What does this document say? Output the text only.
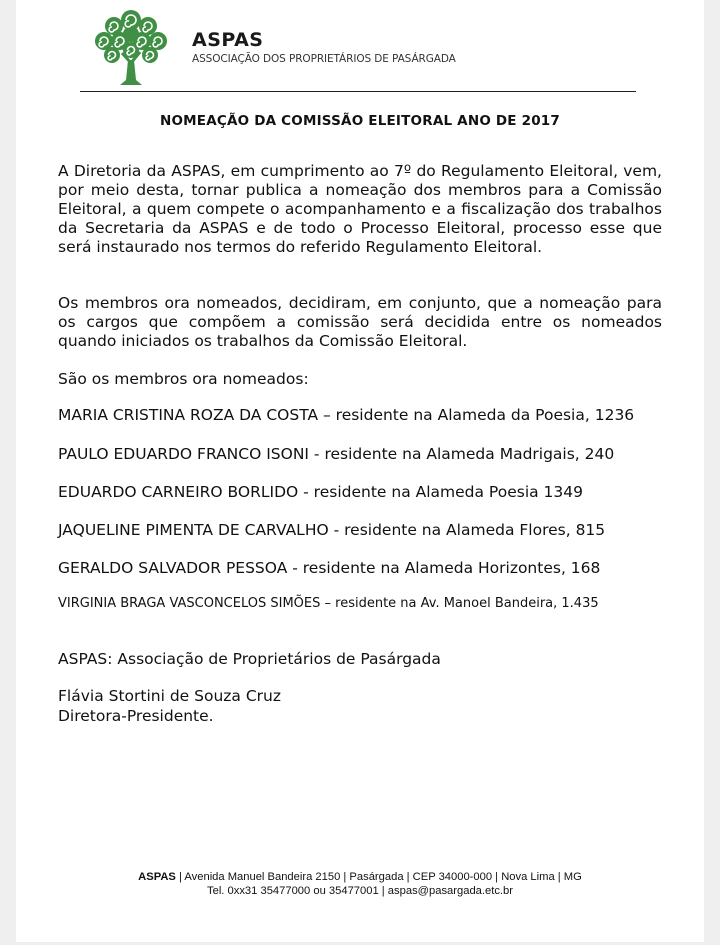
ASPAS
ASSOCIAÇÃO DOS PROPRIETÁRIOS DE PASÁRGADA
NOMEAÇÃO DA COMISSÃO ELEITORAL ANO DE 2017
A Diretoria da ASPAS, em cumprimento ao 7º do Regulamento Eleitoral, vem, por meio desta, tornar publica a nomeação dos membros para a Comissão Eleitoral, a quem compete o acompanhamento e a fiscalização dos trabalhos da Secretaria da ASPAS e de todo o Processo Eleitoral, processo esse que será instaurado nos termos do referido Regulamento Eleitoral.
Os membros ora nomeados, decidiram, em conjunto, que a nomeação para os cargos que compõem a comissão será decidida entre os nomeados quando iniciados os trabalhos da Comissão Eleitoral.
São os membros ora nomeados:
MARIA CRISTINA ROZA DA COSTA – residente na Alameda da Poesia, 1236
PAULO EDUARDO FRANCO ISONI - residente na Alameda Madrigais, 240
EDUARDO CARNEIRO BORLIDO - residente na Alameda Poesia 1349
JAQUELINE PIMENTA DE CARVALHO - residente na Alameda Flores, 815
GERALDO SALVADOR PESSOA - residente na Alameda Horizontes, 168
VIRGINIA BRAGA VASCONCELOS SIMÕES – residente na Av. Manoel Bandeira, 1.435
ASPAS: Associação de Proprietários de Pasárgada
Flávia Stortini de Souza Cruz
Diretora-Presidente.
ASPAS | Avenida Manuel Bandeira 2150 | Pasárgada | CEP 34000-000 | Nova Lima | MG
Tel. 0xx31 35477000 ou 35477001 | aspas@pasargada.etc.br
